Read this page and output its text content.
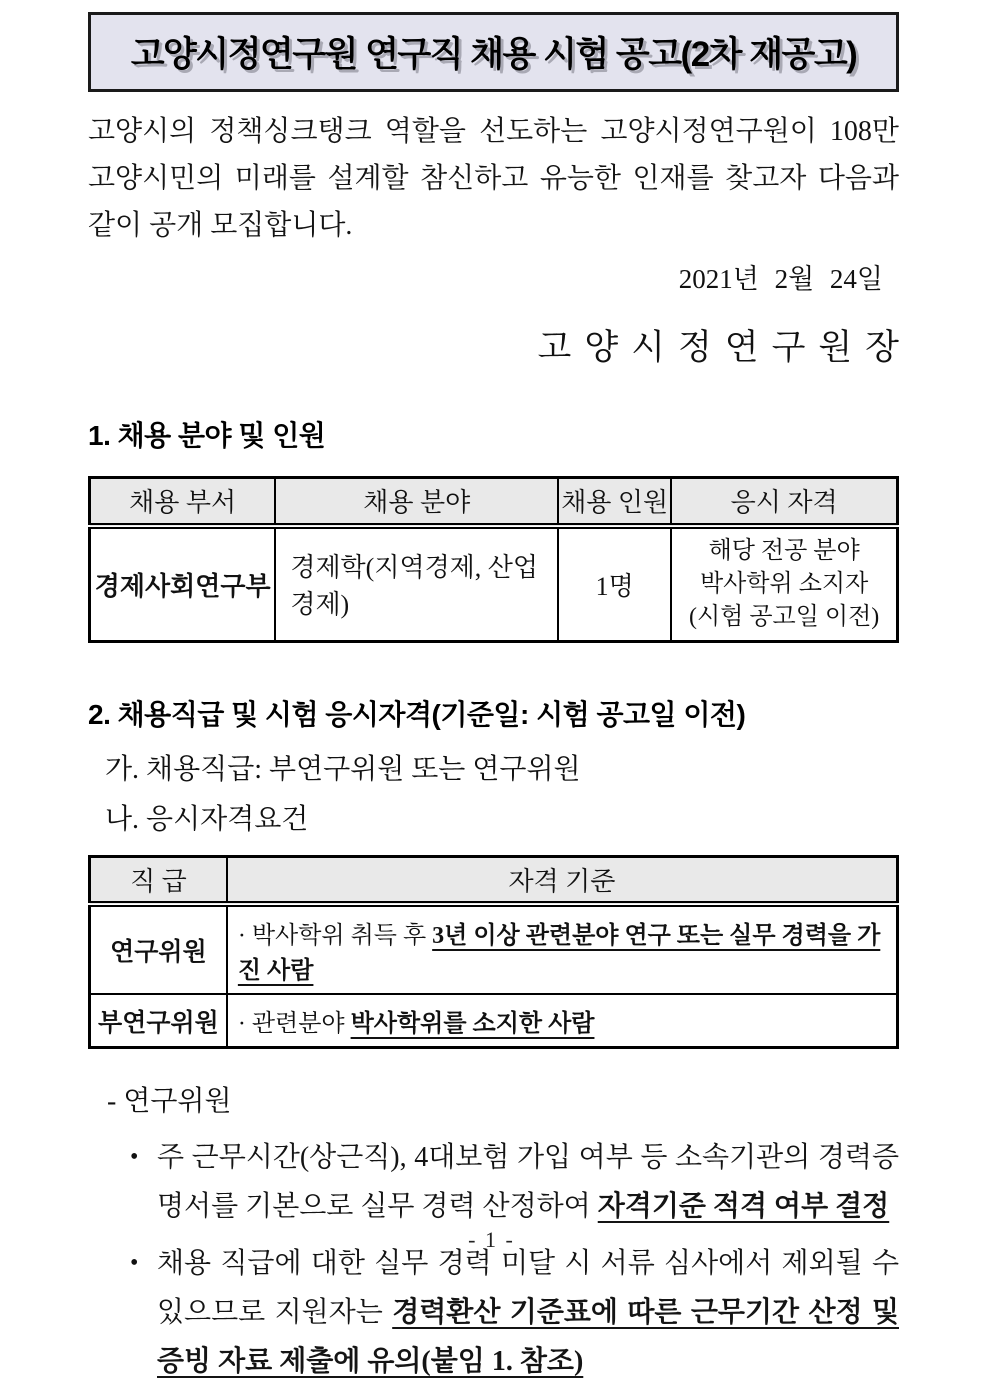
고양시정연구원 연구직 채용 시험 공고(2차 재공고)

고양시의 정책싱크탱크 역할을 선도하는 고양시정연구원이 108만 고양시민의 미래를 설계할 참신하고 유능한 인재를 찾고자 다음과 같이 공개 모집합니다.

2021년 2월 24일
고양시정연구원장
1. 채용 분야 및 인원
채용 부서	채용 분야	채용 인원	응시 자격
경제사회연구부	경제학(지역경제, 산업경제)	1명	해당 전공 분야
박사학위 소지자
(시험 공고일 이전)
2. 채용직급 및 시험 응시자격(기준일: 시험 공고일 이전)
가. 채용직급: 부연구위원 또는 연구위원
나. 응시자격요건
직 급	자격 기준
연구위원	· 박사학위 취득 후 3년 이상 관련분야 연구 또는 실무 경력을 가진 사람
부연구위원	· 관련분야 박사학위를 소지한 사람
- 연구위원
• 주 근무시간(상근직), 4대보험 가입 여부 등 소속기관의 경력증명서를 기본으로 실무 경력 산정하여 자격기준 적격 여부 결정
• 채용 직급에 대한 실무 경력 미달 시 서류 심사에서 제외될 수 있으므로 지원자는 경력환산 기준표에 따른 근무기간 산정 및 증빙 자료 제출에 유의(붙임 1. 참조)
- 1 -
